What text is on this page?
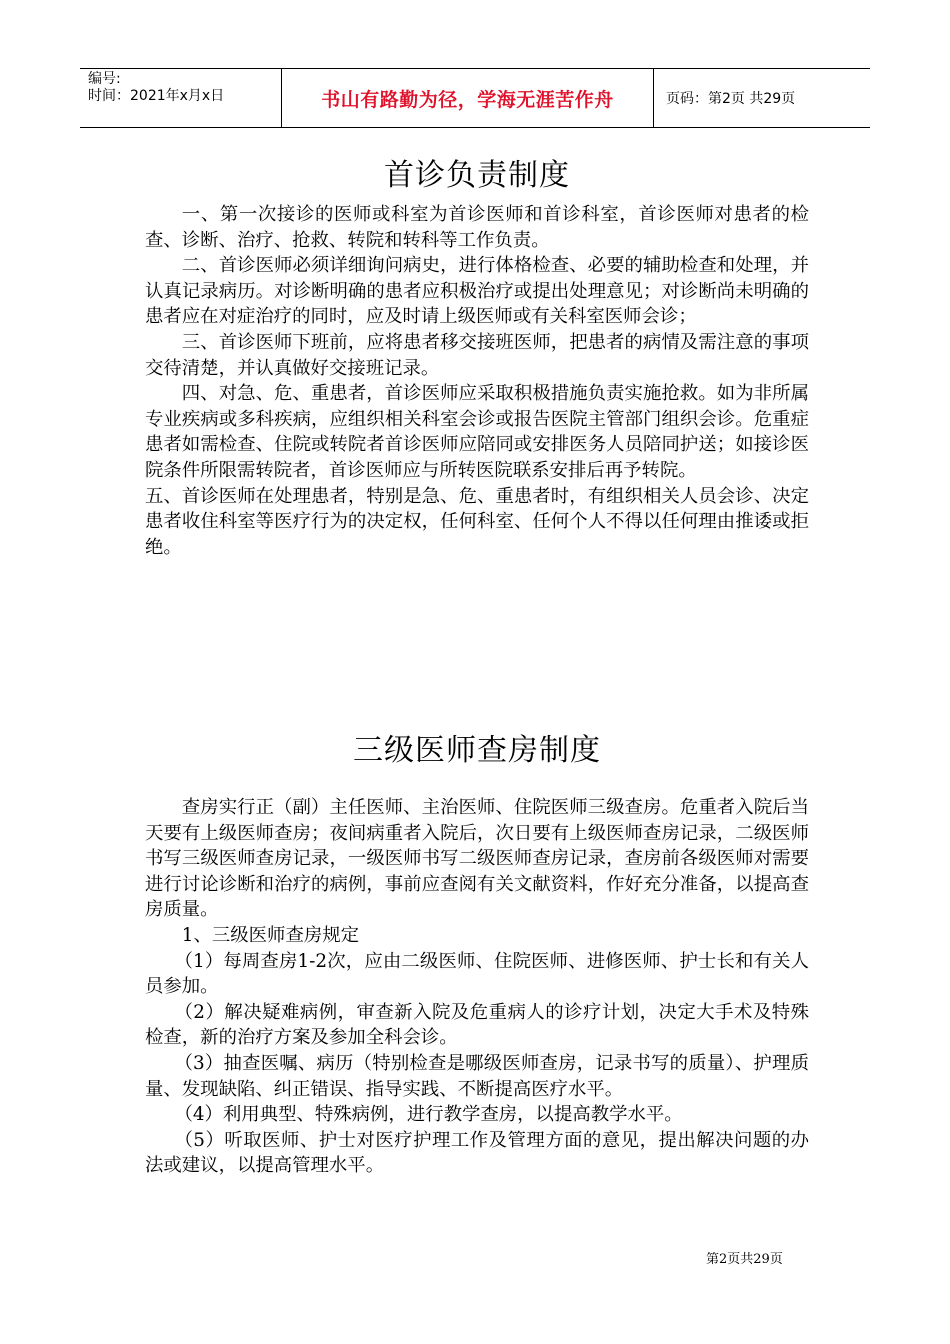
编号:
时间：2021年x月x日	书山有路勤为径，学海无涯苦作舟	页码：第2页 共29页
首诊负责制度

一、第一次接诊的医师或科室为首诊医师和首诊科室，首诊医师对患者的检查、诊断、治疗、抢救、转院和转科等工作负责。

二、首诊医师必须详细询问病史，进行体格检查、必要的辅助检查和处理，并认真记录病历。对诊断明确的患者应积极治疗或提出处理意见；对诊断尚未明确的患者应在对症治疗的同时，应及时请上级医师或有关科室医师会诊；

三、首诊医师下班前，应将患者移交接班医师，把患者的病情及需注意的事项交待清楚，并认真做好交接班记录。

四、对急、危、重患者，首诊医师应采取积极措施负责实施抢救。如为非所属专业疾病或多科疾病，应组织相关科室会诊或报告医院主管部门组织会诊。危重症患者如需检查、住院或转院者首诊医师应陪同或安排医务人员陪同护送；如接诊医院条件所限需转院者，首诊医师应与所转医院联系安排后再予转院。

五、首诊医师在处理患者，特别是急、危、重患者时，有组织相关人员会诊、决定患者收住科室等医疗行为的决定权，任何科室、任何个人不得以任何理由推诿或拒绝。

三级医师查房制度

查房实行正（副）主任医师、主治医师、住院医师三级查房。危重者入院后当天要有上级医师查房；夜间病重者入院后，次日要有上级医师查房记录，二级医师书写三级医师查房记录，一级医师书写二级医师查房记录，查房前各级医师对需要进行讨论诊断和治疗的病例，事前应查阅有关文献资料，作好充分准备，以提高查房质量。

1、三级医师查房规定

（1）每周查房1-2次，应由二级医师、住院医师、进修医师、护士长和有关人员参加。

（2）解决疑难病例，审查新入院及危重病人的诊疗计划，决定大手术及特殊检查，新的治疗方案及参加全科会诊。

（3）抽查医嘱、病历（特别检查是哪级医师查房，记录书写的质量）、护理质量、发现缺陷、纠正错误、指导实践、不断提高医疗水平。

（4）利用典型、特殊病例，进行教学查房，以提高教学水平。

（5）听取医师、护士对医疗护理工作及管理方面的意见，提出解决问题的办法或建议，以提高管理水平。

第2页共29页
